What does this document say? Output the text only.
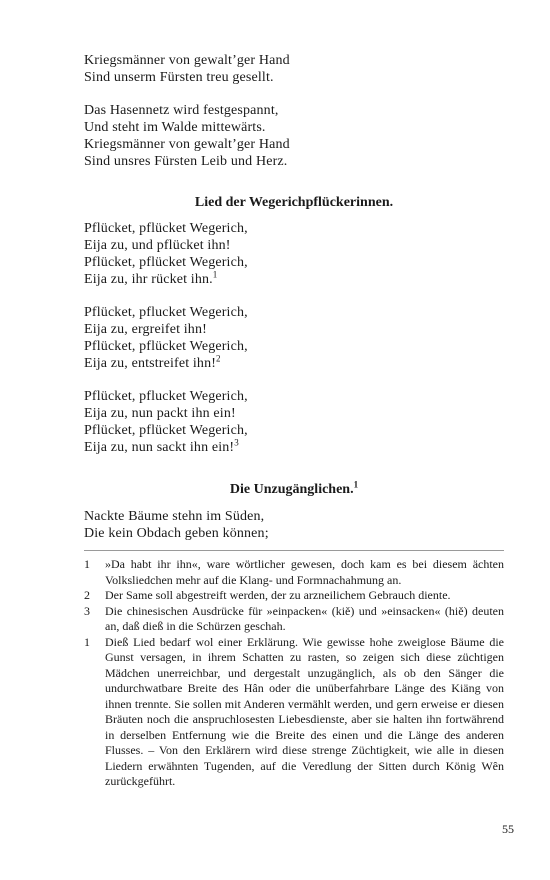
Kriegsmänner von gewalt’ger Hand
Sind unserm Fürsten treu gesellt.
Das Hasennetz wird festgespannt,
Und steht im Walde mittewärts.
Kriegsmänner von gewalt’ger Hand
Sind unsres Fürsten Leib und Herz.
Lied der Wegerichpflückerinnen.
Pflücket, pflücket Wegerich,
Eija zu, und pflücket ihn!
Pflücket, pflücket Wegerich,
Eija zu, ihr rücket ihn.$^1$
Pflücket, pflucket Wegerich,
Eija zu, ergreifet ihn!
Pflücket, pflücket Wegerich,
Eija zu, entstreifet ihn!$^2$
Pflücket, pflucket Wegerich,
Eija zu, nun packt ihn ein!
Pflücket, pflücket Wegerich,
Eija zu, nun sackt ihn ein!$^3$
Die Unzugänglichen.$^1$
Nackte Bäume stehn im Süden,
Die kein Obdach geben können;
1	»Da habt ihr ihn«, ware wörtlicher gewesen, doch kam es bei diesem ächten Volksliedchen mehr auf die Klang- und Formnachahmung an.
2	Der Same soll abgestreift werden, der zu arzneilichem Gebrauch diente.
3	Die chinesischen Ausdrücke für »einpacken« (kiě) und »einsacken« (hiě) deuten an, daß dieß in die Schürzen geschah.
1	Dieß Lied bedarf wol einer Erklärung. Wie gewisse hohe zweiglose Bäume die Gunst versagen, in ihrem Schatten zu rasten, so zeigen sich diese züchtigen Mädchen unerreichbar, und dergestalt unzugänglich, als ob den Sänger die undurchwatbare Breite des Hân oder die unüberfahrbare Länge des Kiäng von ihnen trennte. Sie sollen mit Anderen vermählt werden, und gern erweise er diesen Bräuten noch die anspruchlosesten Liebesdienste, aber sie halten ihn fortwährend in derselben Entfernung wie die Breite des einen und die Länge des anderen Flusses. – Von den Erklärern wird diese strenge Züchtigkeit, wie alle in diesen Liedern erwähnten Tugenden, auf die Veredlung der Sitten durch König Wên zurückgeführt.
55
